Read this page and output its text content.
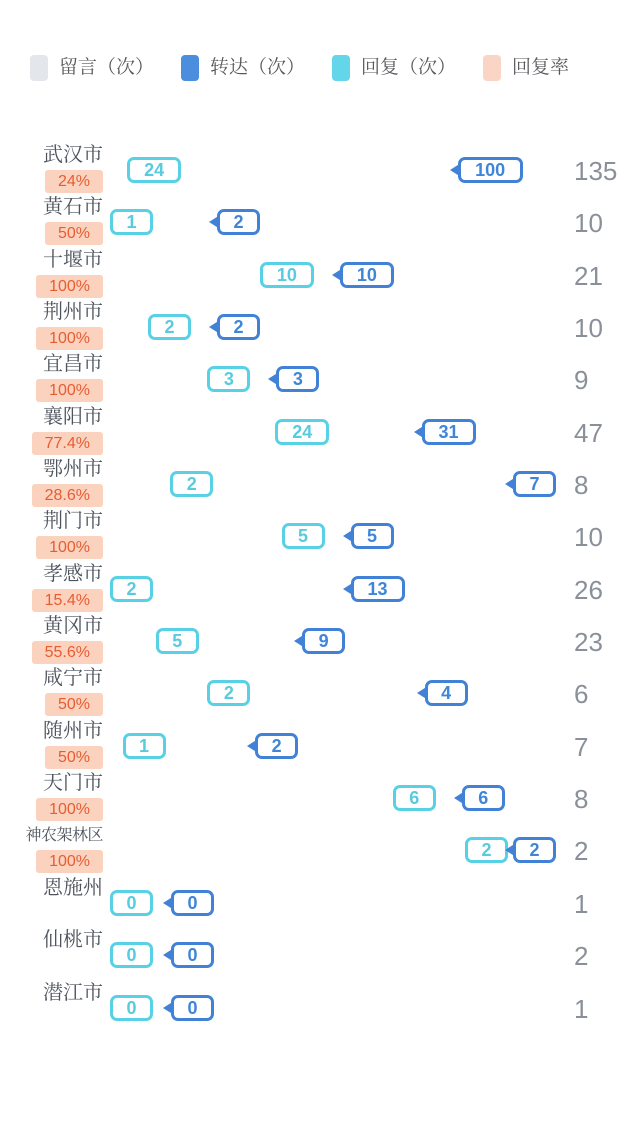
留言（次）	转达（次）	回复（次）	回复率
武汉市
24%
24	100	135
黄石市
50%
1	2	10
十堰市
100%
10	10	21
荆州市
100%
2	2	10
宜昌市
100%
3	3	9
襄阳市
77.4%
24	31	47
鄂州市
28.6%
2	7	8
荆门市
100%
5	5	10
孝感市
15.4%
2	13	26
黄冈市
55.6%
5	9	23
咸宁市
50%
2	4	6
随州市
50%
1	2	7
天门市
100%
6	6	8
神农架林区
100%
2	2	2
恩施州
0	0	1
仙桃市
0	0	2
潜江市
0	0	1
